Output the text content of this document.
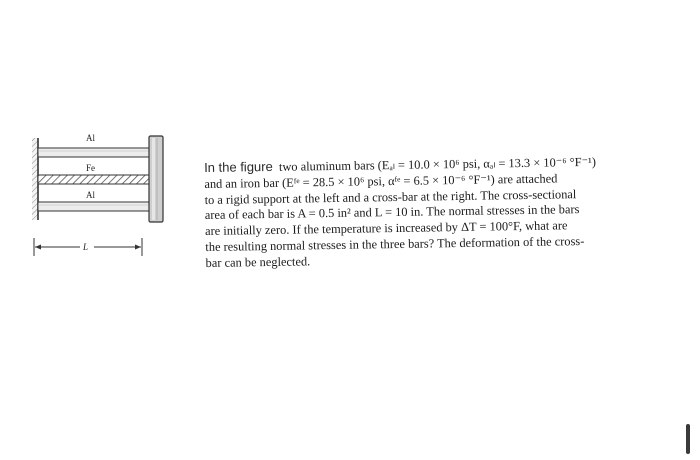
Al
Fe
Al
L
In the figure two aluminum bars (Eₐₗ = 10.0 × 10⁶ psi, αₐₗ = 13.3 × 10⁻⁶ °F⁻¹)
and an iron bar (Eᶠᵉ = 28.5 × 10⁶ psi, αᶠᵉ = 6.5 × 10⁻⁶ °F⁻¹) are attached
to a rigid support at the left and a cross-bar at the right. The cross-sectional
area of each bar is A = 0.5 in² and L = 10 in. The normal stresses in the bars
are initially zero. If the temperature is increased by ΔT = 100°F, what are
the resulting normal stresses in the three bars? The deformation of the cross-
bar can be neglected.
